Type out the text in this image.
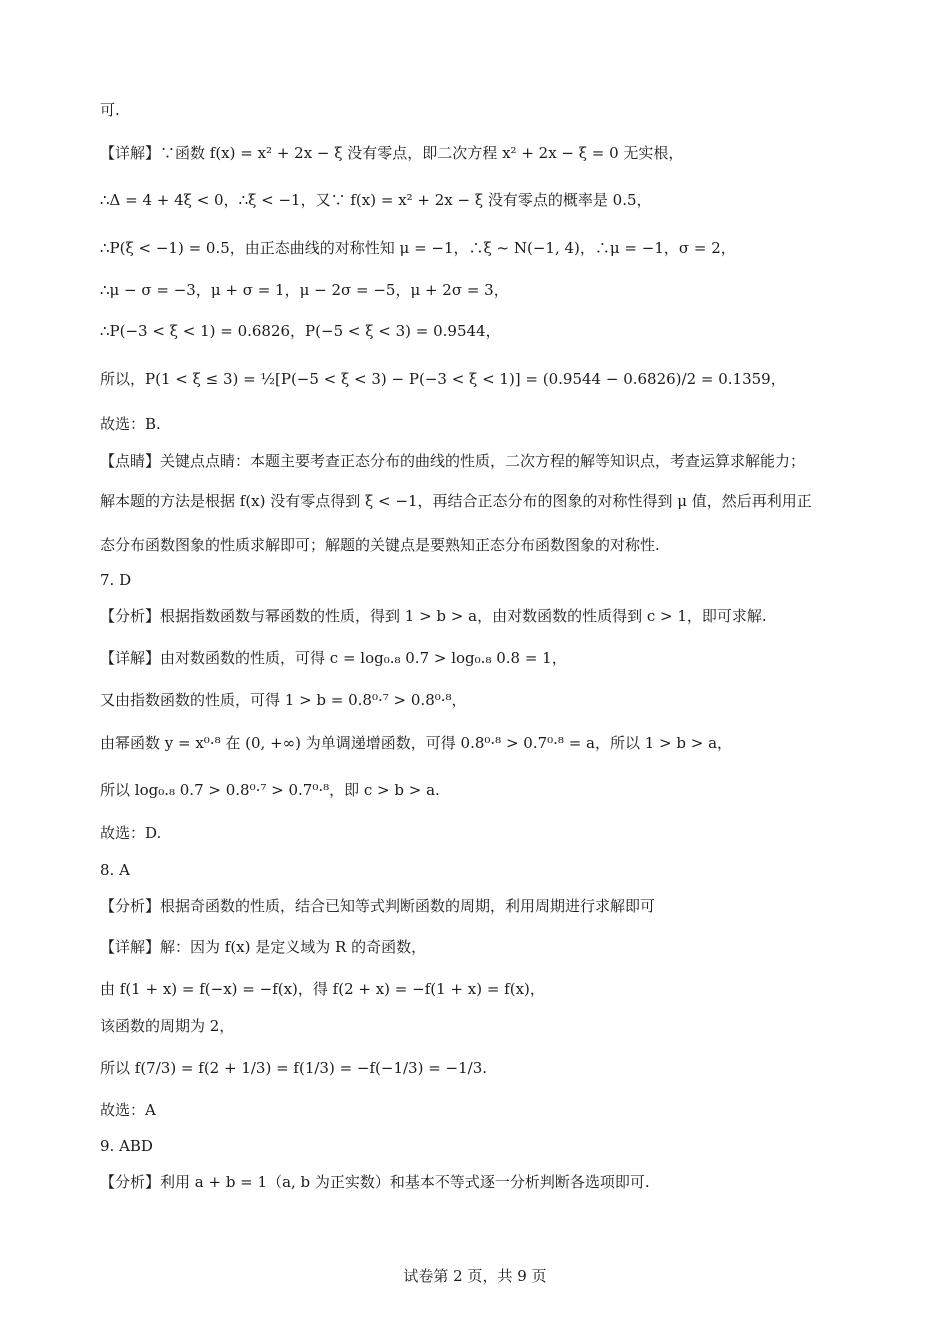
可.
【详解】∵函数 f(x) = x² + 2x − ξ 没有零点，即二次方程 x² + 2x − ξ = 0 无实根，
∴Δ = 4 + 4ξ < 0，∴ξ < −1，又∵ f(x) = x² + 2x − ξ 没有零点的概率是 0.5，
∴P(ξ < −1) = 0.5，由正态曲线的对称性知 μ = −1，∴ξ ~ N(−1, 4)，∴μ = −1，σ = 2，
∴μ − σ = −3，μ + σ = 1，μ − 2σ = −5，μ + 2σ = 3，
∴P(−3 < ξ < 1) = 0.6826，P(−5 < ξ < 3) = 0.9544，
所以，P(1 < ξ ≤ 3) = ½[P(−5 < ξ < 3) − P(−3 < ξ < 1)] = (0.9544 − 0.6826)/2 = 0.1359，
故选：B.
【点睛】关键点点睛：本题主要考查正态分布的曲线的性质，二次方程的解等知识点，考查运算求解能力；
解本题的方法是根据 f(x) 没有零点得到 ξ < −1，再结合正态分布的图象的对称性得到 μ 值，然后再利用正
态分布函数图象的性质求解即可；解题的关键点是要熟知正态分布函数图象的对称性.
7. D
【分析】根据指数函数与幂函数的性质，得到 1 > b > a，由对数函数的性质得到 c > 1，即可求解.
【详解】由对数函数的性质，可得 c = log₀.₈ 0.7 > log₀.₈ 0.8 = 1，
又由指数函数的性质，可得 1 > b = 0.8⁰·⁷ > 0.8⁰·⁸，
由幂函数 y = x⁰·⁸ 在 (0, +∞) 为单调递增函数，可得 0.8⁰·⁸ > 0.7⁰·⁸ = a，所以 1 > b > a，
所以 log₀.₈ 0.7 > 0.8⁰·⁷ > 0.7⁰·⁸，即 c > b > a.
故选：D.
8. A
【分析】根据奇函数的性质，结合已知等式判断函数的周期，利用周期进行求解即可
【详解】解：因为 f(x) 是定义域为 R 的奇函数，
由 f(1 + x) = f(−x) = −f(x)，得 f(2 + x) = −f(1 + x) = f(x)，
该函数的周期为 2，
所以 f(7/3) = f(2 + 1/3) = f(1/3) = −f(−1/3) = −1/3.
故选：A
9. ABD
【分析】利用 a + b = 1（a, b 为正实数）和基本不等式逐一分析判断各选项即可.
试卷第 2 页，共 9 页
